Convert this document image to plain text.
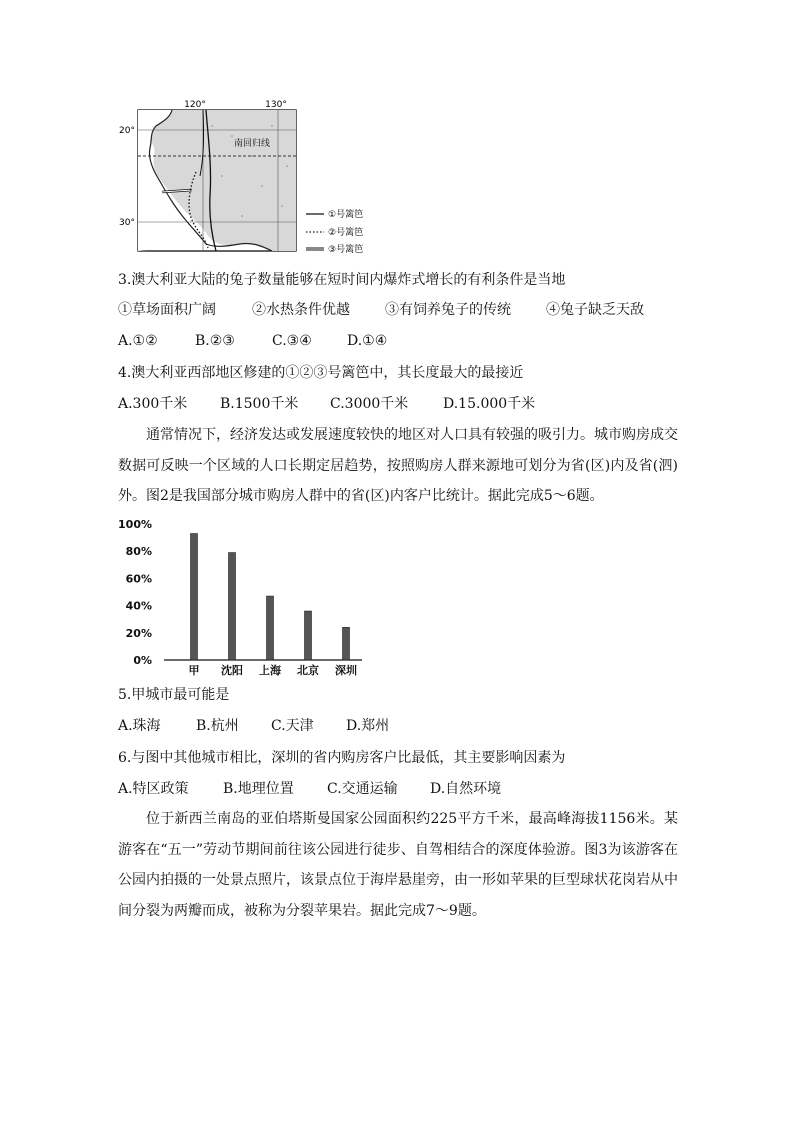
南回归线
120°	130°
20°
30°
①号篱笆
②号篱笆
③号篱笆
3.澳大利亚大陆的兔子数量能够在短时间内爆炸式增长的有利条件是当地
①草场面积广阔	②水热条件优越	③有饲养兔子的传统	④兔子缺乏天敌
A.①②	B.②③	C.③④	D.①④
4.澳大利亚西部地区修建的①②③号篱笆中，其长度最大的最接近
A.300千米 B.1500千米 C.3000千米 D.15.000千米
通常情况下，经济发达或发展速度较快的地区对人口具有较强的吸引力。城市购房成交数据可反映一个区域的人口长期定居趋势，按照购房人群来源地可划分为省(区)内及省(泗)外。图2是我国部分城市购房人群中的省(区)内客户比统计。据此完成5～6题。
100%
80%
60%
40%
20%
0%
甲 沈阳 上海 北京 深圳
5.甲城市最可能是
A.珠海	B.杭州 C.天津 D.郑州
6.与图中其他城市相比，深圳的省内购房客户比最低，其主要影响因素为
A.特区政策 B.地理位置 C.交通运输 D.自然环境
位于新西兰南岛的亚伯塔斯曼国家公园面积约225平方千米，最高峰海拔1156米。某游客在“五一”劳动节期间前往该公园进行徒步、自驾相结合的深度体验游。图3为该游客在公园内拍摄的一处景点照片，该景点位于海岸悬崖旁，由一形如苹果的巨型球状花岗岩从中间分裂为两瓣而成，被称为分裂苹果岩。据此完成7～9题。
